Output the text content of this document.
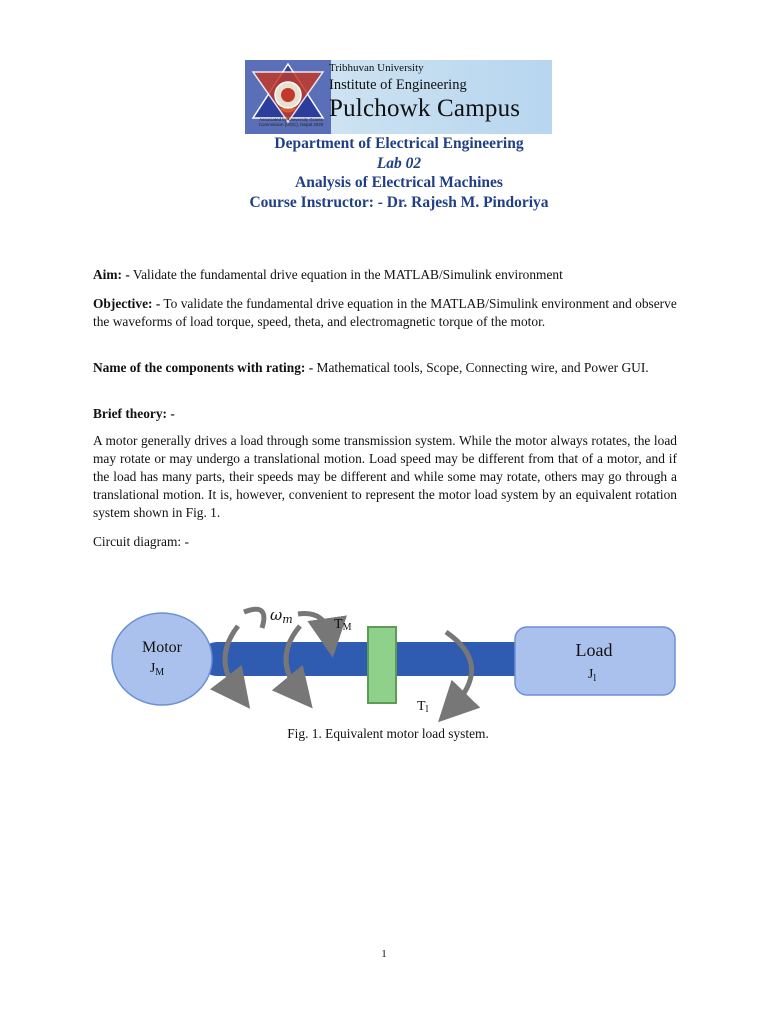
Associated by University Grants Commission (UGC), Nepal 2020
Tribhuvan University
Institute of Engineering
Pulchowk Campus
Department of Electrical Engineering
Lab 02
Analysis of Electrical Machines
Course Instructor: - Dr. Rajesh M. Pindoriya
Aim: - Validate the fundamental drive equation in the MATLAB/Simulink environment
Objective: - To validate the fundamental drive equation in the MATLAB/Simulink environment and observe the waveforms of load torque, speed, theta, and electromagnetic torque of the motor.
Name of the components with rating: - Mathematical tools, Scope, Connecting wire, and Power GUI.
Brief theory: -
A motor generally drives a load through some transmission system. While the motor always rotates, the load may rotate or may undergo a translational motion. Load speed may be different from that of a motor, and if the load has many parts, their speeds may be different and while some may rotate, others may go through a translational motion. It is, however, convenient to represent the motor load system by an equivalent rotation system shown in Fig. 1.
Circuit diagram: -
Motor
$J_M$
Load
$J_l$
$\omega_m$	TM
Tl
Fig. 1. Equivalent motor load system.
1
